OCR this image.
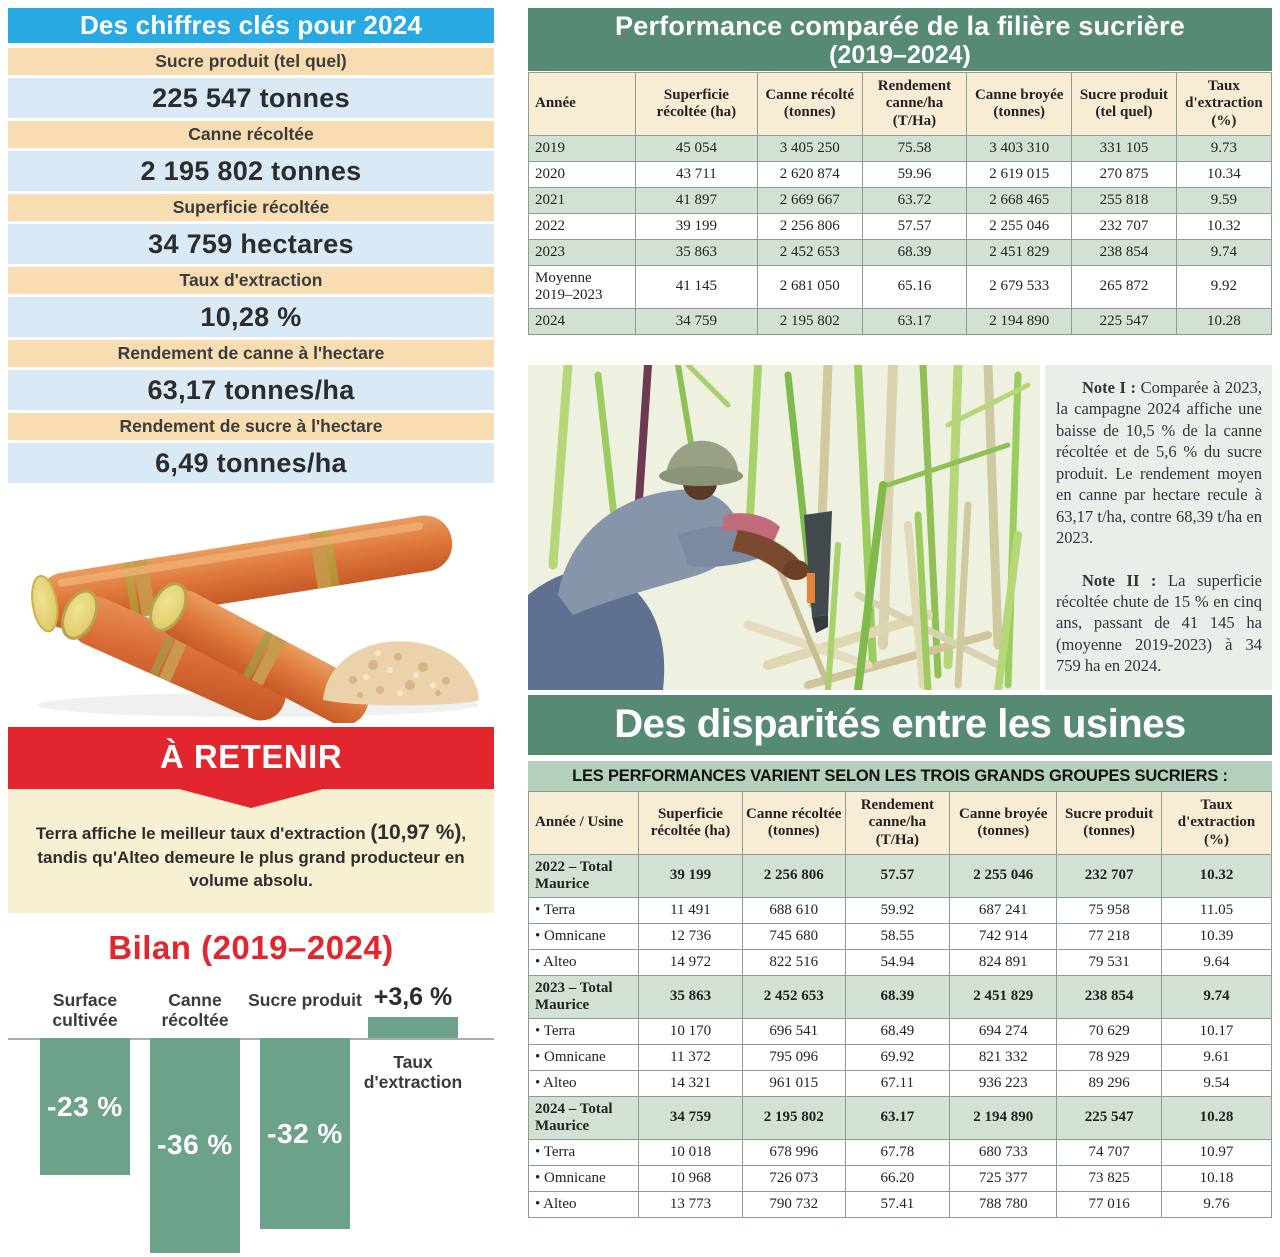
Des chiffres clés pour 2024
Sucre produit (tel quel)
225 547 tonnes
Canne récoltée
2 195 802 tonnes
Superficie récoltée
34 759 hectares
Taux d'extraction
10,28 %
Rendement de canne à l'hectare
63,17 tonnes/ha
Rendement de sucre à l'hectare
6,49 tonnes/ha
À RETENIR
Terra affiche le meilleur taux d'extraction (10,97 %), tandis qu'Alteo demeure le plus grand producteur en volume absolu.
Bilan (2019–2024)
-23 %
Surface cultivée
-36 %
Canne récoltée
-32 %
Sucre produit +3,6 %
Taux d'extraction
Performance comparée de la filière sucrière
(2019–2024)
Année	Superficie récoltée (ha)	Canne récolté (tonnes)	Rendement canne/ha (T/Ha)	Canne broyée (tonnes)	Sucre produit (tel quel)	Taux d'extraction (%)
2019	45 054	3 405 250	75.58	3 403 310	331 105	9.73
2020	43 711	2 620 874	59.96	2 619 015	270 875	10.34
2021	41 897	2 669 667	63.72	2 668 465	255 818	9.59
2022	39 199	2 256 806	57.57	2 255 046	232 707	10.32
2023	35 863	2 452 653	68.39	2 451 829	238 854	9.74
Moyenne 2019–2023	41 145	2 681 050	65.16	2 679 533	265 872	9.92
2024	34 759	2 195 802	63.17	2 194 890	225 547	10.28

Note I : Comparée à 2023, la campagne 2024 affiche une baisse de 10,5 % de la canne récoltée et de 5,6 % du sucre produit. Le rendement moyen en canne par hectare recule à 63,17 t/ha, contre 68,39 t/ha en 2023.

Note II : La superficie récoltée chute de 15 % en cinq ans, passant de 41 145 ha (moyenne 2019-2023) à 34 759 ha en 2024.

Des disparités entre les usines
LES PERFORMANCES VARIENT SELON LES TROIS GRANDS GROUPES SUCRIERS :
Année / Usine	Superficie récoltée (ha)	Canne récoltée (tonnes)	Rendement canne/ha (T/Ha)	Canne broyée (tonnes)	Sucre produit (tonnes)	Taux d'extraction (%)
2022 – Total Maurice	39 199	2 256 806	57.57	2 255 046	232 707	10.32
• Terra	11 491	688 610	59.92	687 241	75 958	11.05
• Omnicane	12 736	745 680	58.55	742 914	77 218	10.39
• Alteo	14 972	822 516	54.94	824 891	79 531	9.64
2023 – Total Maurice	35 863	2 452 653	68.39	2 451 829	238 854	9.74
• Terra	10 170	696 541	68.49	694 274	70 629	10.17
• Omnicane	11 372	795 096	69.92	821 332	78 929	9.61
• Alteo	14 321	961 015	67.11	936 223	89 296	9.54
2024 – Total Maurice	34 759	2 195 802	63.17	2 194 890	225 547	10.28
• Terra	10 018	678 996	67.78	680 733	74 707	10.97
• Omnicane	10 968	726 073	66.20	725 377	73 825	10.18
• Alteo	13 773	790 732	57.41	788 780	77 016	9.76
